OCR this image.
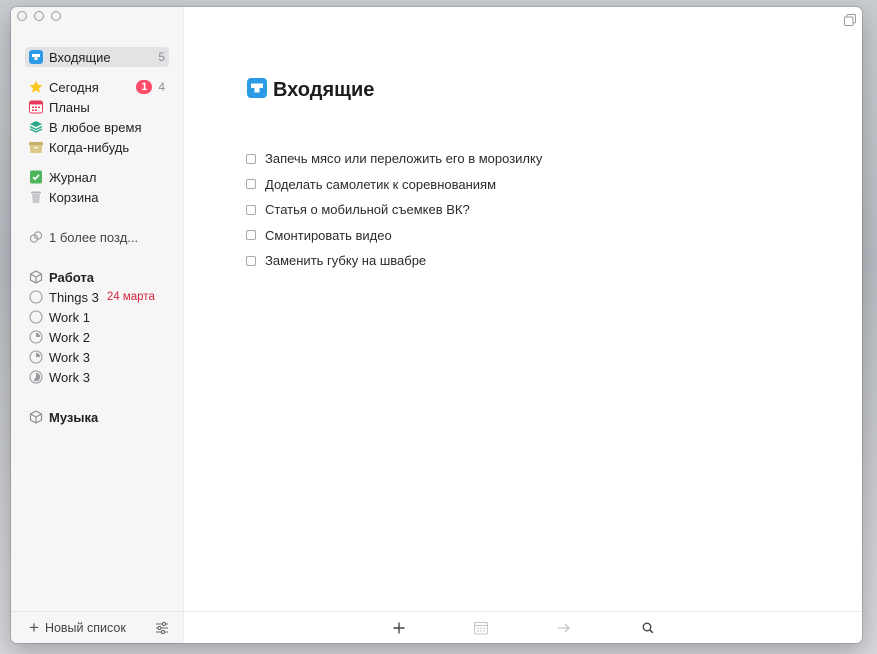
Входящие	5
Сегодня	1 4
Планы
В любое время
Когда-нибудь
Журнал
Корзина
1 более позд...
Работа
Things 3 24 марта
Work 1
Work 2
Work 3
Work 3
Музыка
+ Новый список
Входящие
Запечь мясо или переложить его в морозилку
Доделать самолетик к соревнованиям
Статья о мобильной съемкев ВК?
Смонтировать видео
Заменить губку на швабре
